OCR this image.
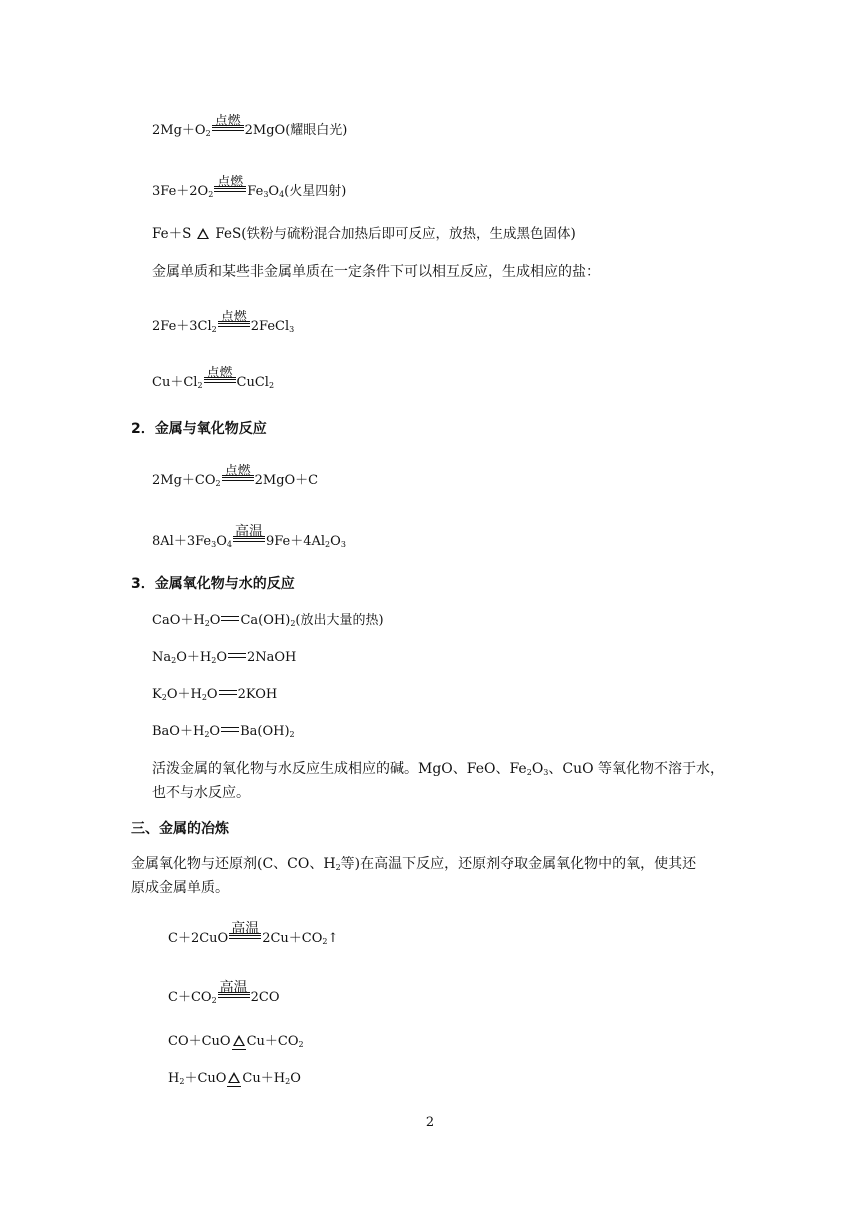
$2Mg+O_2$
点燃
2MgO(耀眼白光)
$3Fe+2O_2$
点燃
$Fe_3O_4$(火星四射)
Fe＋S FeS(铁粉与硫粉混合加热后即可反应，放热，生成黑色固体)
金属单质和某些非金属单质在一定条件下可以相互反应，生成相应的盐：
$2Fe+3Cl_2$
点燃
2FeCl$_3$
$Cu+Cl_2$
点燃
CuCl$_2$
2．金属与氧化物反应
$2Mg+CO_2$
点燃
2MgO＋C
$8Al+3Fe_3O_4$
高温
$9Fe+4Al_2O_3$
3．金属氧化物与水的反应
$CaO+H_2O$ $Ca(OH)_2$(放出大量的热)
$Na_2O+H_2O$ 2NaOH
$K_2O+H_2O$ 2KOH
$BaO+H_2O$ $Ba(OH)_2$
活泼金属的氧化物与水反应生成相应的碱。MgO、FeO、$Fe_2O_3$、CuO 等氧化物不溶于水，
也不与水反应。
三、金属的冶炼
金属氧化物与还原剂(C、CO、$H_2$等)在高温下反应，还原剂夺取金属氧化物中的氧，使其还
原成金属单质。
C＋2CuO
高温
$2Cu+CO_2↑$
$C+CO_2$
高温
2CO
CO＋CuO $Cu+CO_2$
$H_2+CuO$ $Cu+H_2O$
2
